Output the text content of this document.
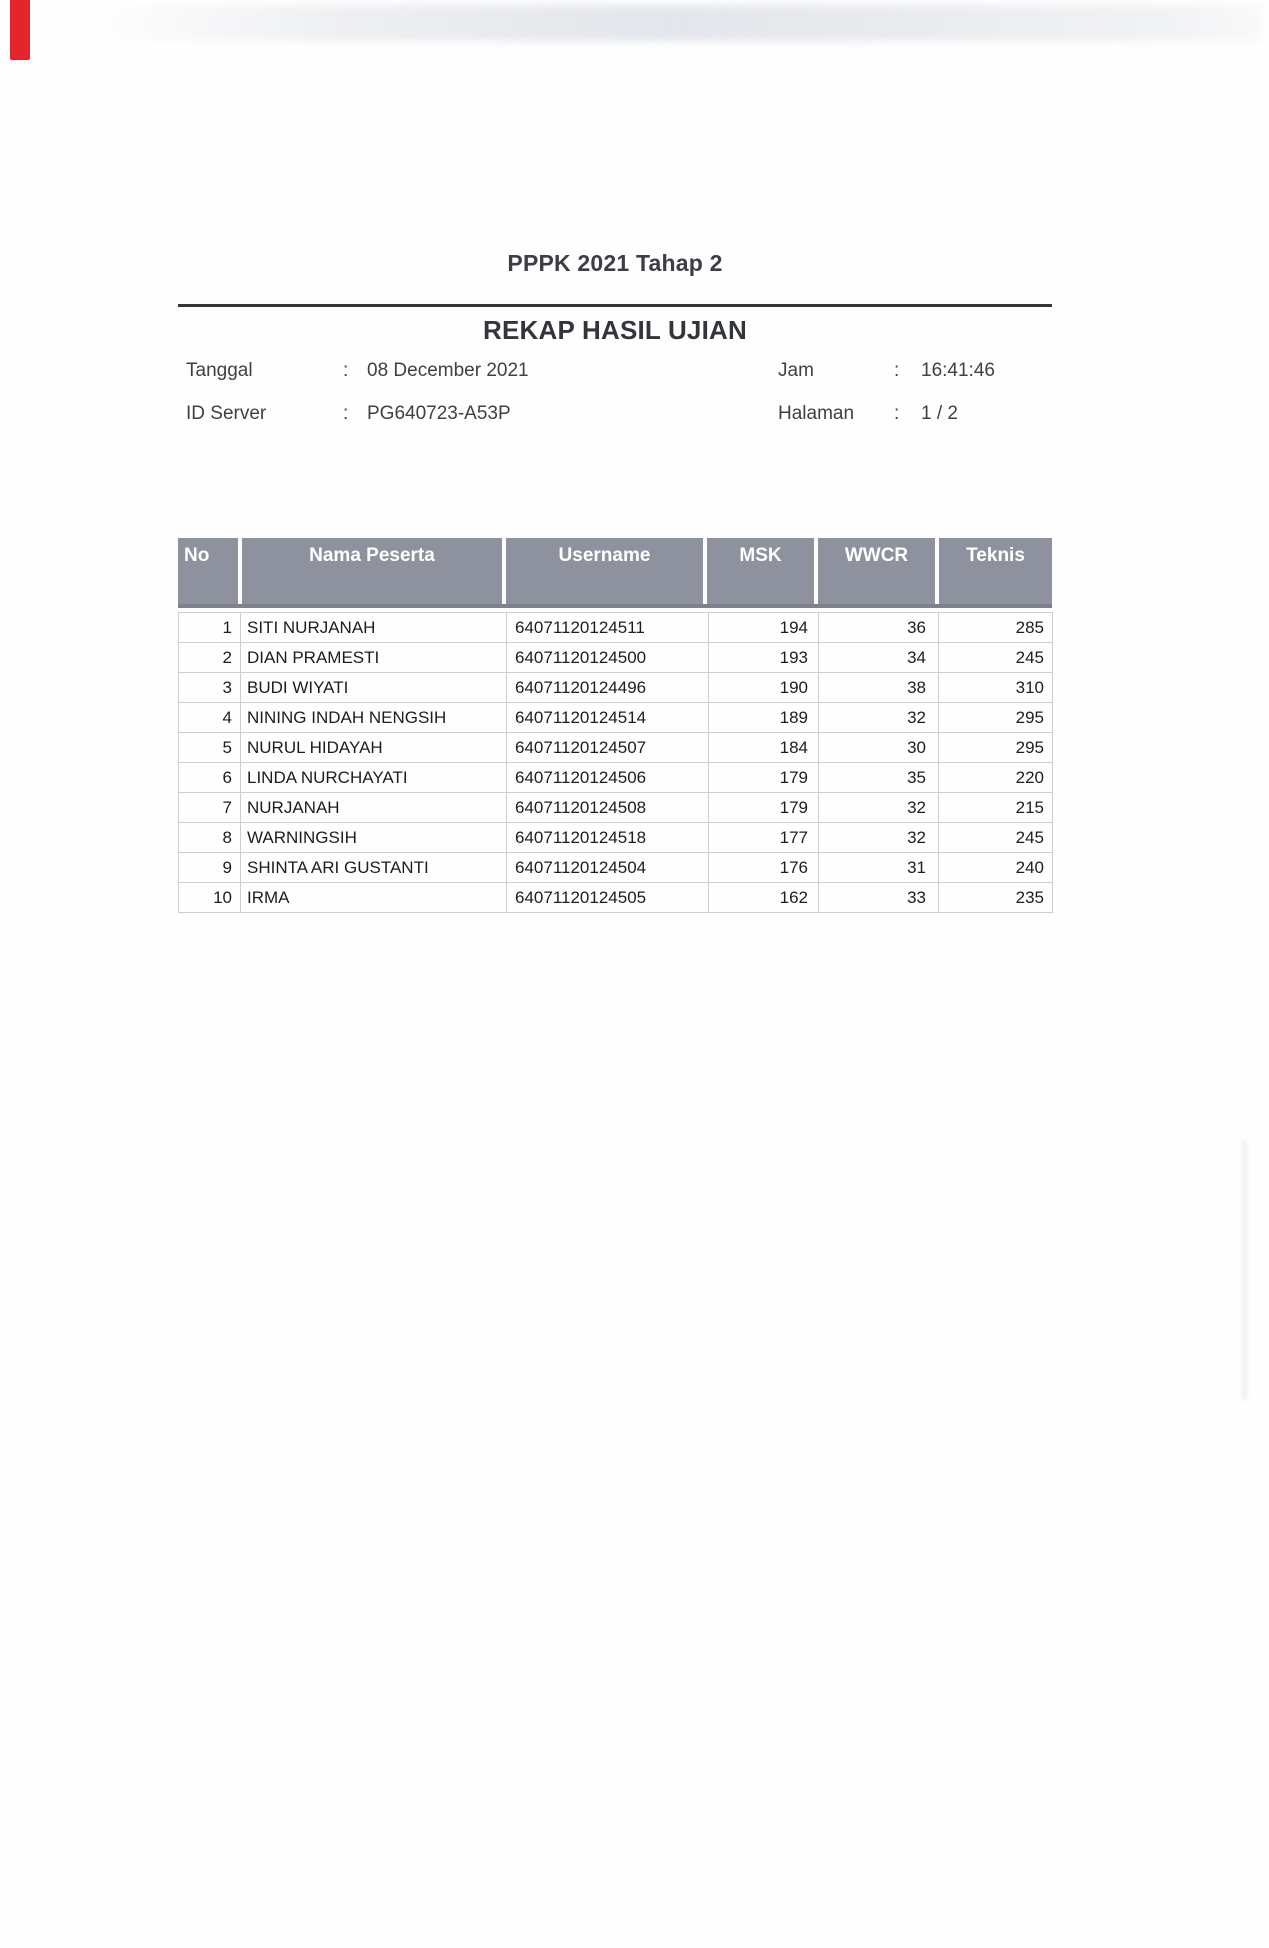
PPPK 2021 Tahap 2
REKAP HASIL UJIAN
Tanggal	: 08 December 2021	Jam	: 16:41:46
ID Server	: PG640723-A53P	Halaman : 1 / 2
No	Nama Peserta	Username	MSK	WWCR	Teknis
1	SITI NURJANAH	64071120124511	194	36	285
2	DIAN PRAMESTI	64071120124500	193	34	245
3	BUDI WIYATI	64071120124496	190	38	310
4	NINING INDAH NENGSIH	64071120124514	189	32	295
5	NURUL HIDAYAH	64071120124507	184	30	295
6	LINDA NURCHAYATI	64071120124506	179	35	220
7	NURJANAH	64071120124508	179	32	215
8	WARNINGSIH	64071120124518	177	32	245
9	SHINTA ARI GUSTANTI	64071120124504	176	31	240
10	IRMA	64071120124505	162	33	235
